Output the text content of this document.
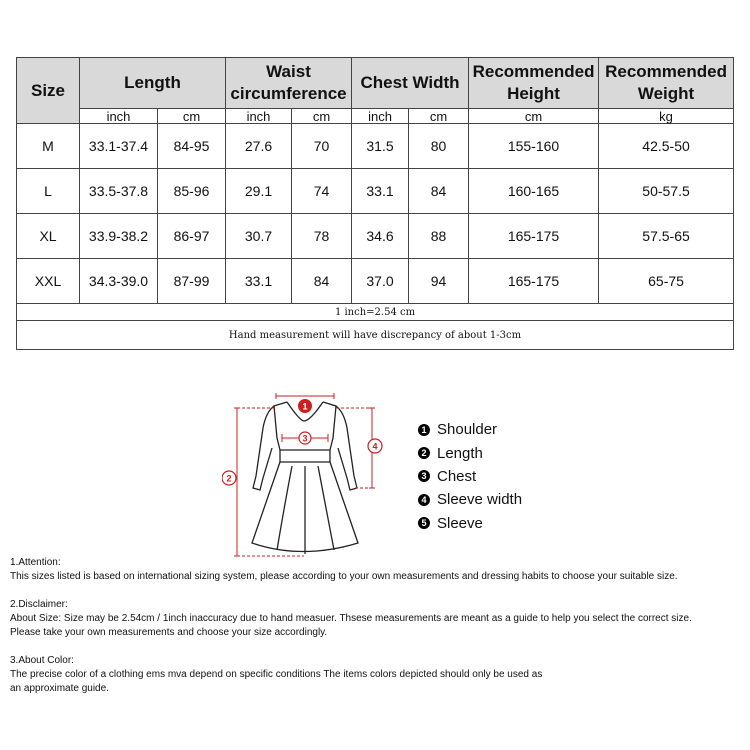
Size	Length		Waist circumference		Chest Width		Recommended Height	Recommended Weight
	inch	cm	inch	cm	inch	cm	cm	kg
M	33.1-37.4	84-95	27.6	70	31.5	80	155-160	42.5-50
L	33.5-37.8	85-96	29.1	74	33.1	84	160-165	50-57.5
XL	33.9-38.2	86-97	30.7	78	34.6	88	165-175	57.5-65
XXL	34.3-39.0	87-99	33.1	84	37.0	94	165-175	65-75
1 inch=2.54 cm								
Hand measurement will have discrepancy of about 1-3cm								
1
2
3
4
1 Shoulder
2 Length
3 Chest
4 Sleeve width
5 Sleeve

1.Attention:

This sizes listed is based on international sizing system, please according to your own measurements and dressing habits to choose your suitable size.

2.Disclaimer:

About Size: Size may be 2.54cm / 1inch inaccuracy due to hand measuer. Thsese measurements are meant as a guide to help you select the correct size.

Please take your own measurements and choose your size accordingly.

3.About Color:

The precise color of a clothing ems mva depend on specific conditions The items colors depicted should only be used as

an approximate guide.
